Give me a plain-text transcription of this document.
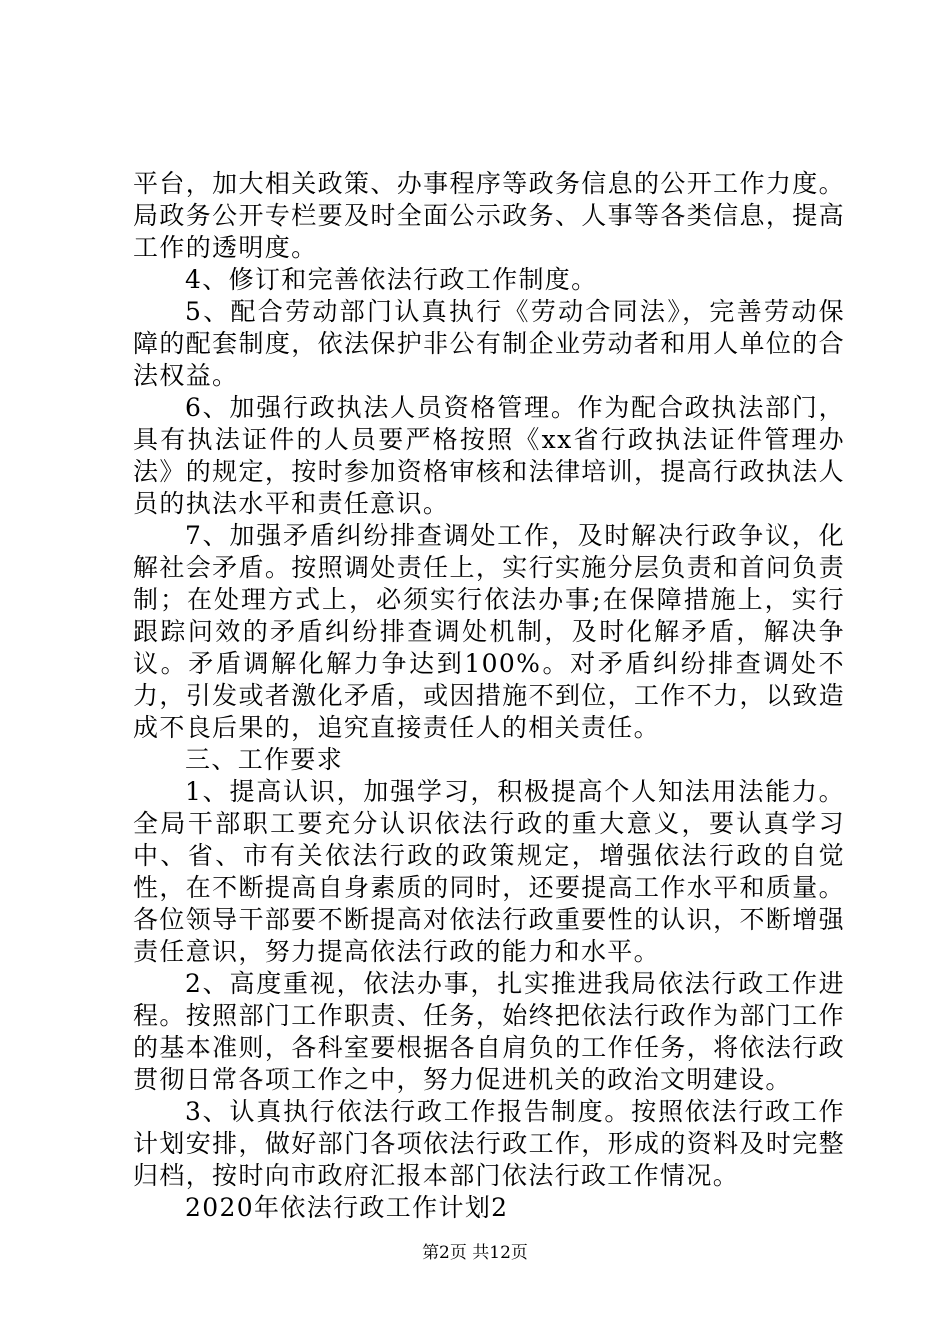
平台，加大相关政策、办事程序等政务信息的公开工作力度。局政务公开专栏要及时全面公示政务、人事等各类信息，提高工作的透明度。

4、修订和完善依法行政工作制度。

5、配合劳动部门认真执行《劳动合同法》，完善劳动保障的配套制度，依法保护非公有制企业劳动者和用人单位的合法权益。

6、加强行政执法人员资格管理。作为配合政执法部门，具有执法证件的人员要严格按照《xx省行政执法证件管理办法》的规定，按时参加资格审核和法律培训，提高行政执法人员的执法水平和责任意识。

7、加强矛盾纠纷排查调处工作，及时解决行政争议，化解社会矛盾。按照调处责任上，实行实施分层负责和首问负责制；在处理方式上，必须实行依法办事;在保障措施上，实行跟踪问效的矛盾纠纷排查调处机制，及时化解矛盾，解决争议。矛盾调解化解力争达到100%。对矛盾纠纷排查调处不力，引发或者激化矛盾，或因措施不到位，工作不力，以致造成不良后果的，追究直接责任人的相关责任。

三、工作要求

1、提高认识，加强学习，积极提高个人知法用法能力。全局干部职工要充分认识依法行政的重大意义，要认真学习中、省、市有关依法行政的政策规定，增强依法行政的自觉性，在不断提高自身素质的同时，还要提高工作水平和质量。各位领导干部要不断提高对依法行政重要性的认识，不断增强责任意识，努力提高依法行政的能力和水平。

2、高度重视，依法办事，扎实推进我局依法行政工作进程。按照部门工作职责、任务，始终把依法行政作为部门工作的基本准则，各科室要根据各自肩负的工作任务，将依法行政贯彻日常各项工作之中，努力促进机关的政治文明建设。

3、认真执行依法行政工作报告制度。按照依法行政工作计划安排，做好部门各项依法行政工作，形成的资料及时完整归档，按时向市政府汇报本部门依法行政工作情况。

2020年依法行政工作计划2

第2页 共12页
